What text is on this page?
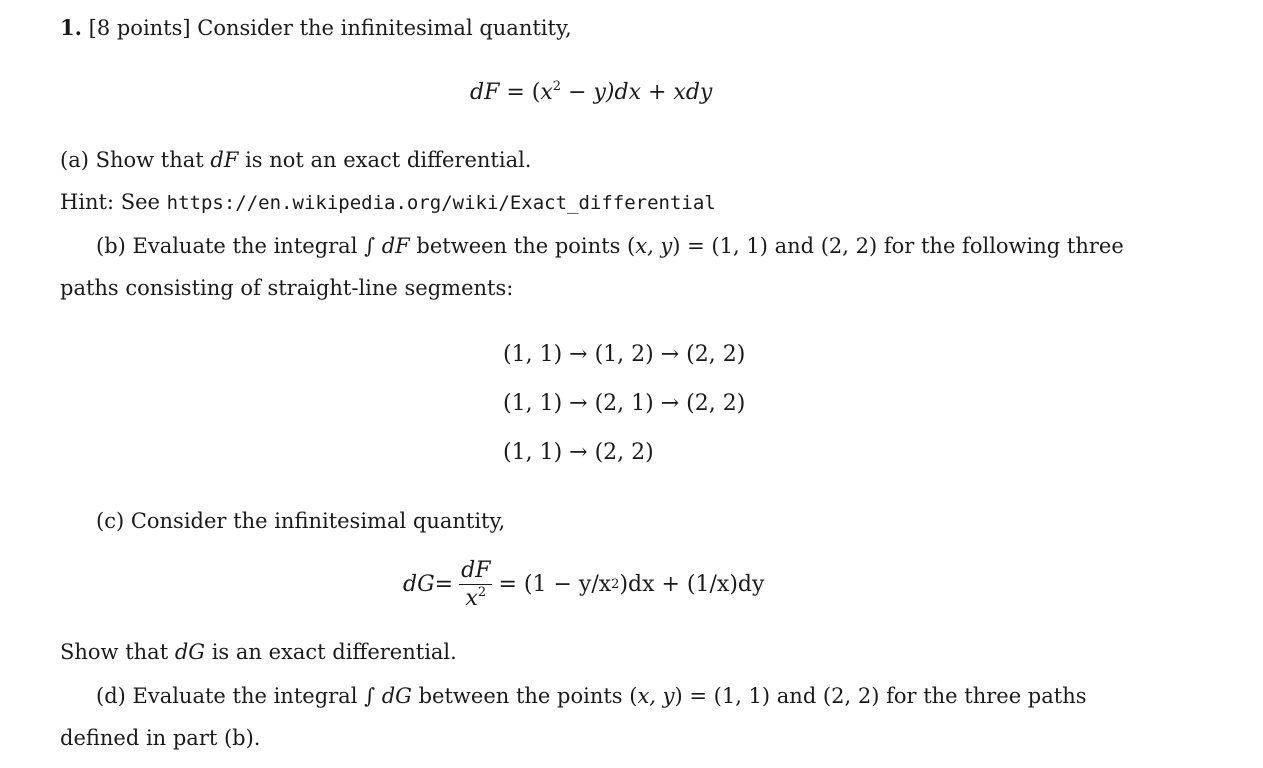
1. [8 points] Consider the infinitesimal quantity,
dF = $(x^2 - y)dx$ + xdy
(a) Show that dF is not an exact differential.
Hint: See https://en.wikipedia.org/wiki/Exact_differential
(b) Evaluate the integral ∫ dF between the points (x, y) = (1, 1) and (2, 2) for the following three
paths consisting of straight-line segments:
(1, 1) → (1, 2) → (2, 2)
(1, 1) → (2, 1) → (2, 2)
(1, 1) → (2, 2)
(c) Consider the infinitesimal quantity,
dG = $\frac{dF}{x^2} = (1 - y/x$ 2 )dx + (1/x)dy
Show that dG is an exact differential.
(d) Evaluate the integral ∫ dG between the points (x, y) = (1, 1) and (2, 2) for the three paths
defined in part (b).
